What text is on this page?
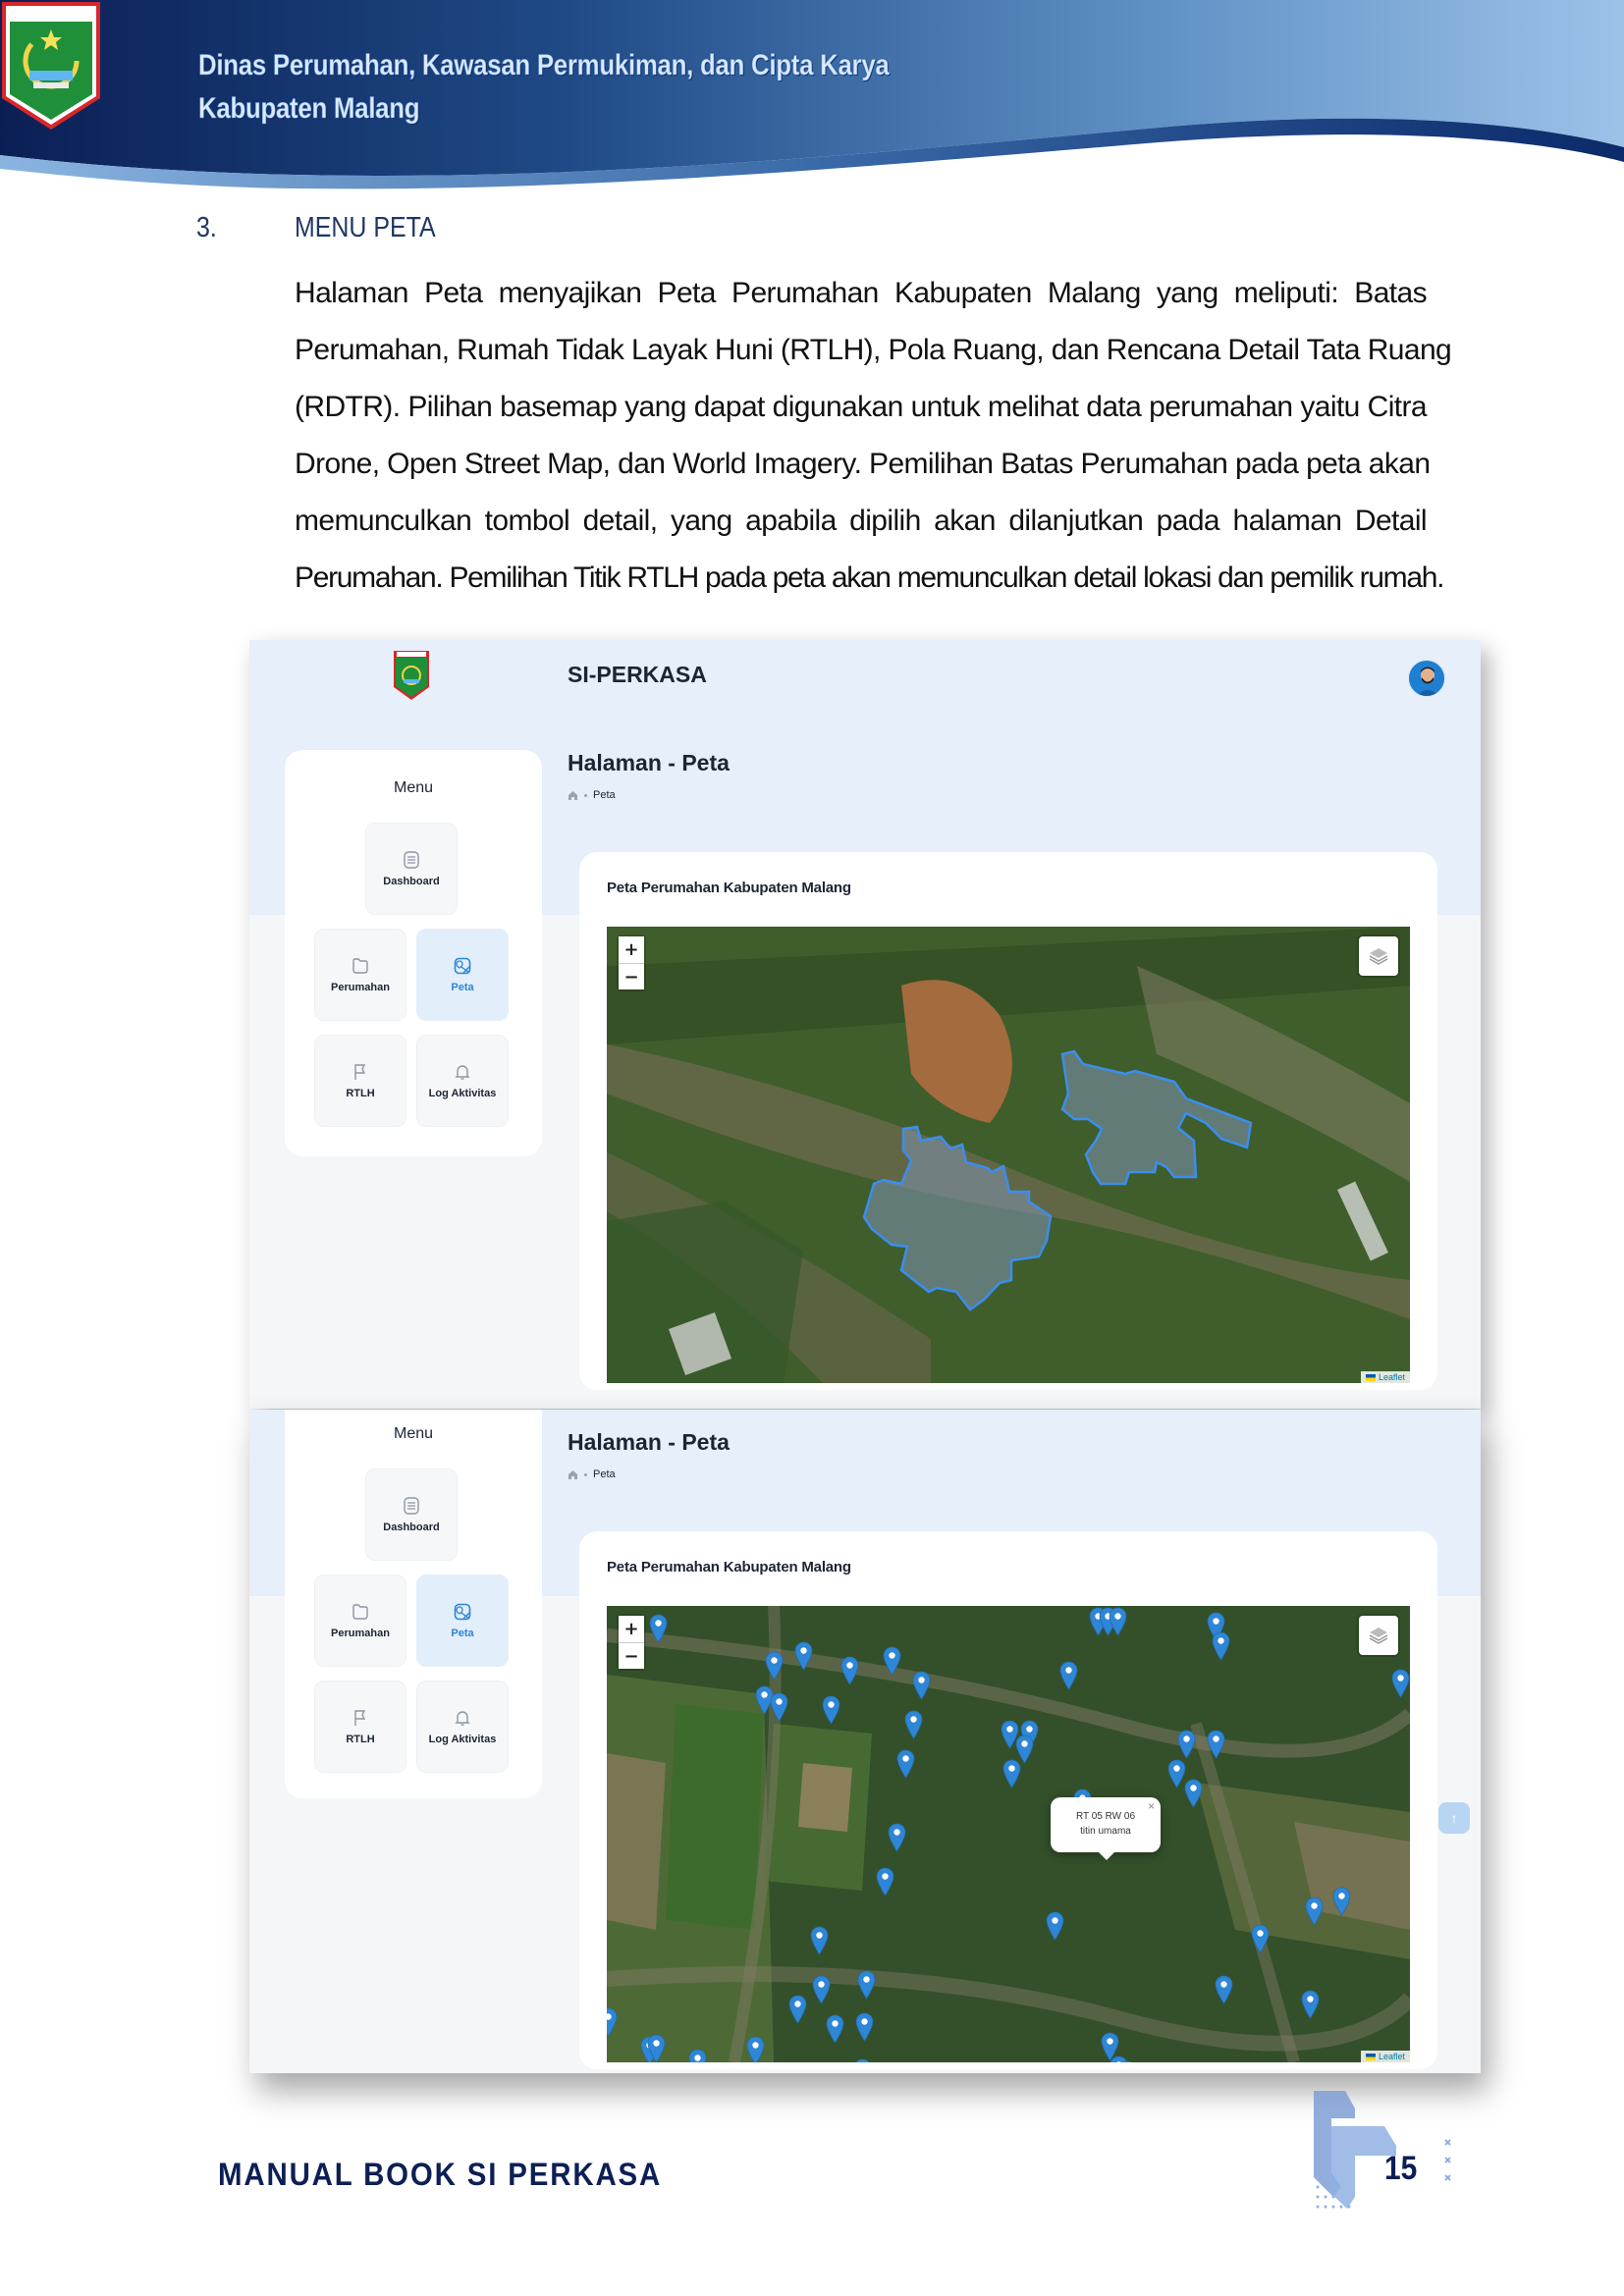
Dinas Perumahan, Kawasan Permukiman, dan Cipta Karya
Kabupaten Malang
3.	MENU PETA
Halaman Peta menyajikan Peta Perumahan Kabupaten Malang yang meliputi: Batas
Perumahan, Rumah Tidak Layak Huni (RTLH), Pola Ruang, dan Rencana Detail Tata Ruang
(RDTR). Pilihan basemap yang dapat digunakan untuk melihat data perumahan yaitu Citra
Drone, Open Street Map, dan World Imagery. Pemilihan Batas Perumahan pada peta akan
memunculkan tombol detail, yang apabila dipilih akan dilanjutkan pada halaman Detail
Perumahan. Pemilihan Titik RTLH pada peta akan memunculkan detail lokasi dan pemilik rumah.
SI-PERKASA
Menu
Dashboard
Perumahan	Peta
RTLH	Log Aktivitas
Halaman - Peta
Peta
Peta Perumahan Kabupaten Malang
+
−
Leaflet
Menu
Dashboard
Perumahan	Peta
RTLH	Log Aktivitas
Halaman - Peta
Peta
Peta Perumahan Kabupaten Malang
×
RT 05 RW 06
titin umama
+
−
Leaflet
↑
MANUAL BOOK SI PERKASA	15
